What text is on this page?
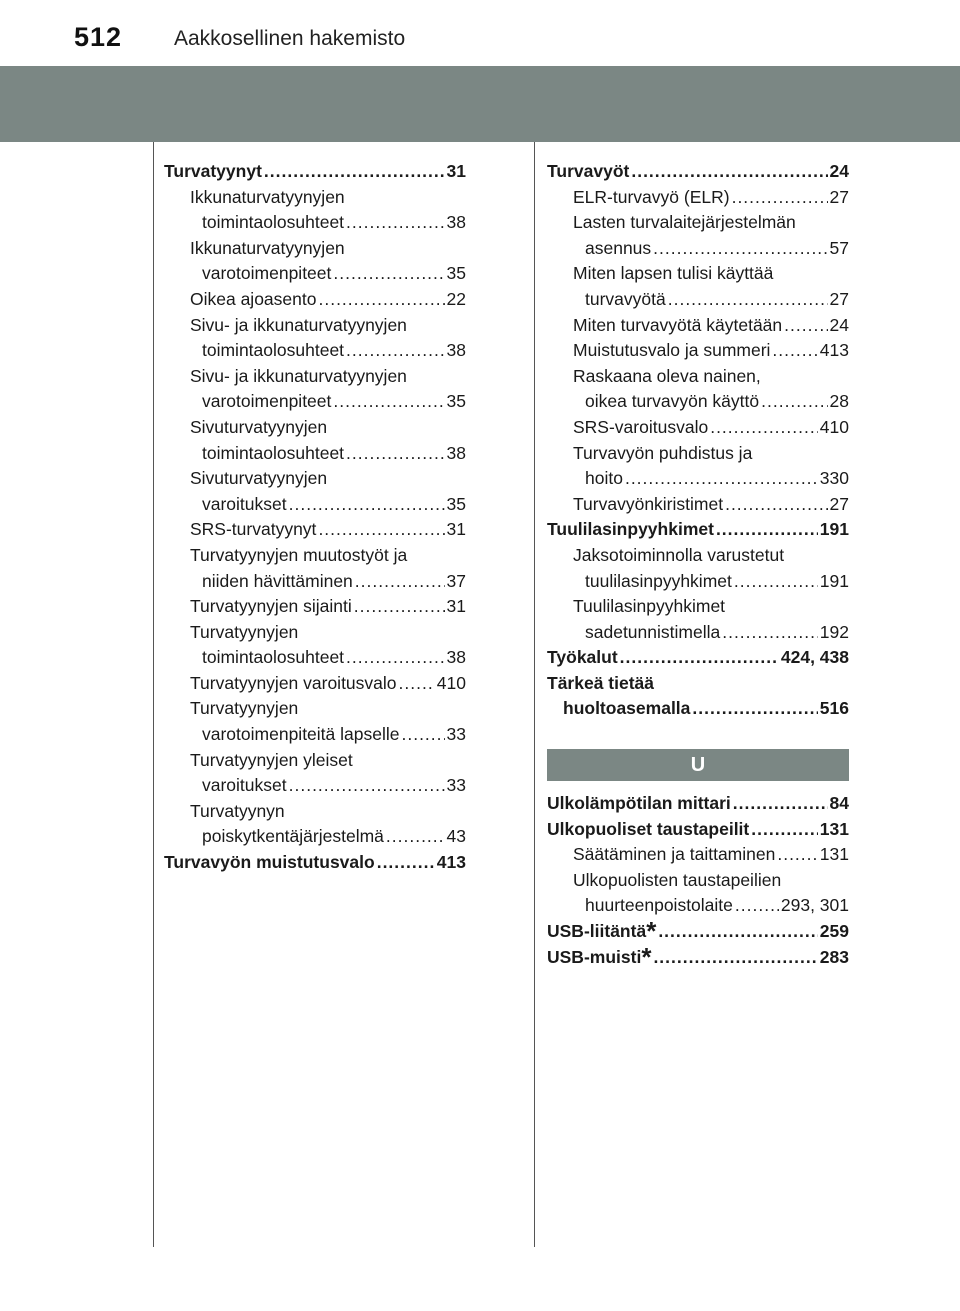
512 Aakkosellinen hakemisto
Turvatyynyt .....	31
Ikkunaturvatyynyjen
toimintaolosuhteet .....	38
Ikkunaturvatyynyjen
varotoimenpiteet .....	35
Oikea ajoasento .....	22
Sivu- ja ikkunaturvatyynyjen
toimintaolosuhteet .....	38
Sivu- ja ikkunaturvatyynyjen
varotoimenpiteet .....	35
Sivuturvatyynyjen
toimintaolosuhteet .....	38
Sivuturvatyynyjen
varoitukset .....	35
SRS-turvatyynyt .....	31
Turvatyynyjen muutostyöt ja
niiden hävittäminen .....	37
Turvatyynyjen sijainti .....	31
Turvatyynyjen
toimintaolosuhteet .....	38
Turvatyynyjen varoitusvalo ..... 410
Turvatyynyjen
varotoimenpiteitä lapselle .....	33
Turvatyynyjen yleiset
varoitukset .....	33
Turvatyynyn
poiskytkentäjärjestelmä .....	43
Turvavyön muistutusvalo .....	413
Turvavyöt .....	24
ELR-turvavyö (ELR) .....	27
Lasten turvalaitejärjestelmän
asennus .....	57
Miten lapsen tulisi käyttää
turvavyötä .....	27
Miten turvavyötä käytetään .....	24
Muistutusvalo ja summeri .....	413
Raskaana oleva nainen,
oikea turvavyön käyttö .....	28
SRS-varoitusvalo .....	410
Turvavyön puhdistus ja
hoito .....	330
Turvavyönkiristimet .....	27
Tuulilasinpyyhkimet .....	191
Jaksotoiminnolla varustetut
tuulilasinpyyhkimet .....	191
Tuulilasinpyyhkimet
sadetunnistimella .....	192
Työkalut .....	424, 438
Tärkeä tietää
huoltoasemalla .....	516
U
Ulkolämpötilan mittari .....	84
Ulkopuoliset taustapeilit .....	131
Säätäminen ja taittaminen .....	131
Ulkopuolisten taustapeilien
huurteenpoistolaite .....	293, 301
USB-liitäntä* .....	259
USB-muisti* .....	283
